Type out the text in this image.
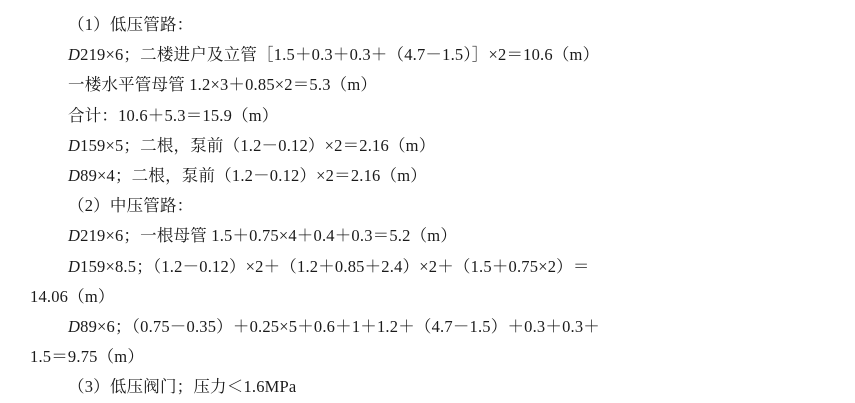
（1）低压管路：
D219×6；二楼进户及立管［1.5＋0.3＋0.3＋（4.7－1.5）］×2＝10.6（m）
一楼水平管母管 1.2×3＋0.85×2＝5.3（m）
合计：10.6＋5.3＝15.9（m）
D159×5；二根，泵前（1.2－0.12）×2＝2.16（m）
D89×4；二根，泵前（1.2－0.12）×2＝2.16（m）
（2）中压管路：
D219×6；一根母管 1.5＋0.75×4＋0.4＋0.3＝5.2（m）
D159×8.5；（1.2－0.12）×2＋（1.2＋0.85＋2.4）×2＋（1.5＋0.75×2）＝
14.06（m）
D89×6；（0.75－0.35）＋0.25×5＋0.6＋1＋1.2＋（4.7－1.5）＋0.3＋0.3＋
1.5＝9.75（m）
（3）低压阀门；压力＜1.6MPa
